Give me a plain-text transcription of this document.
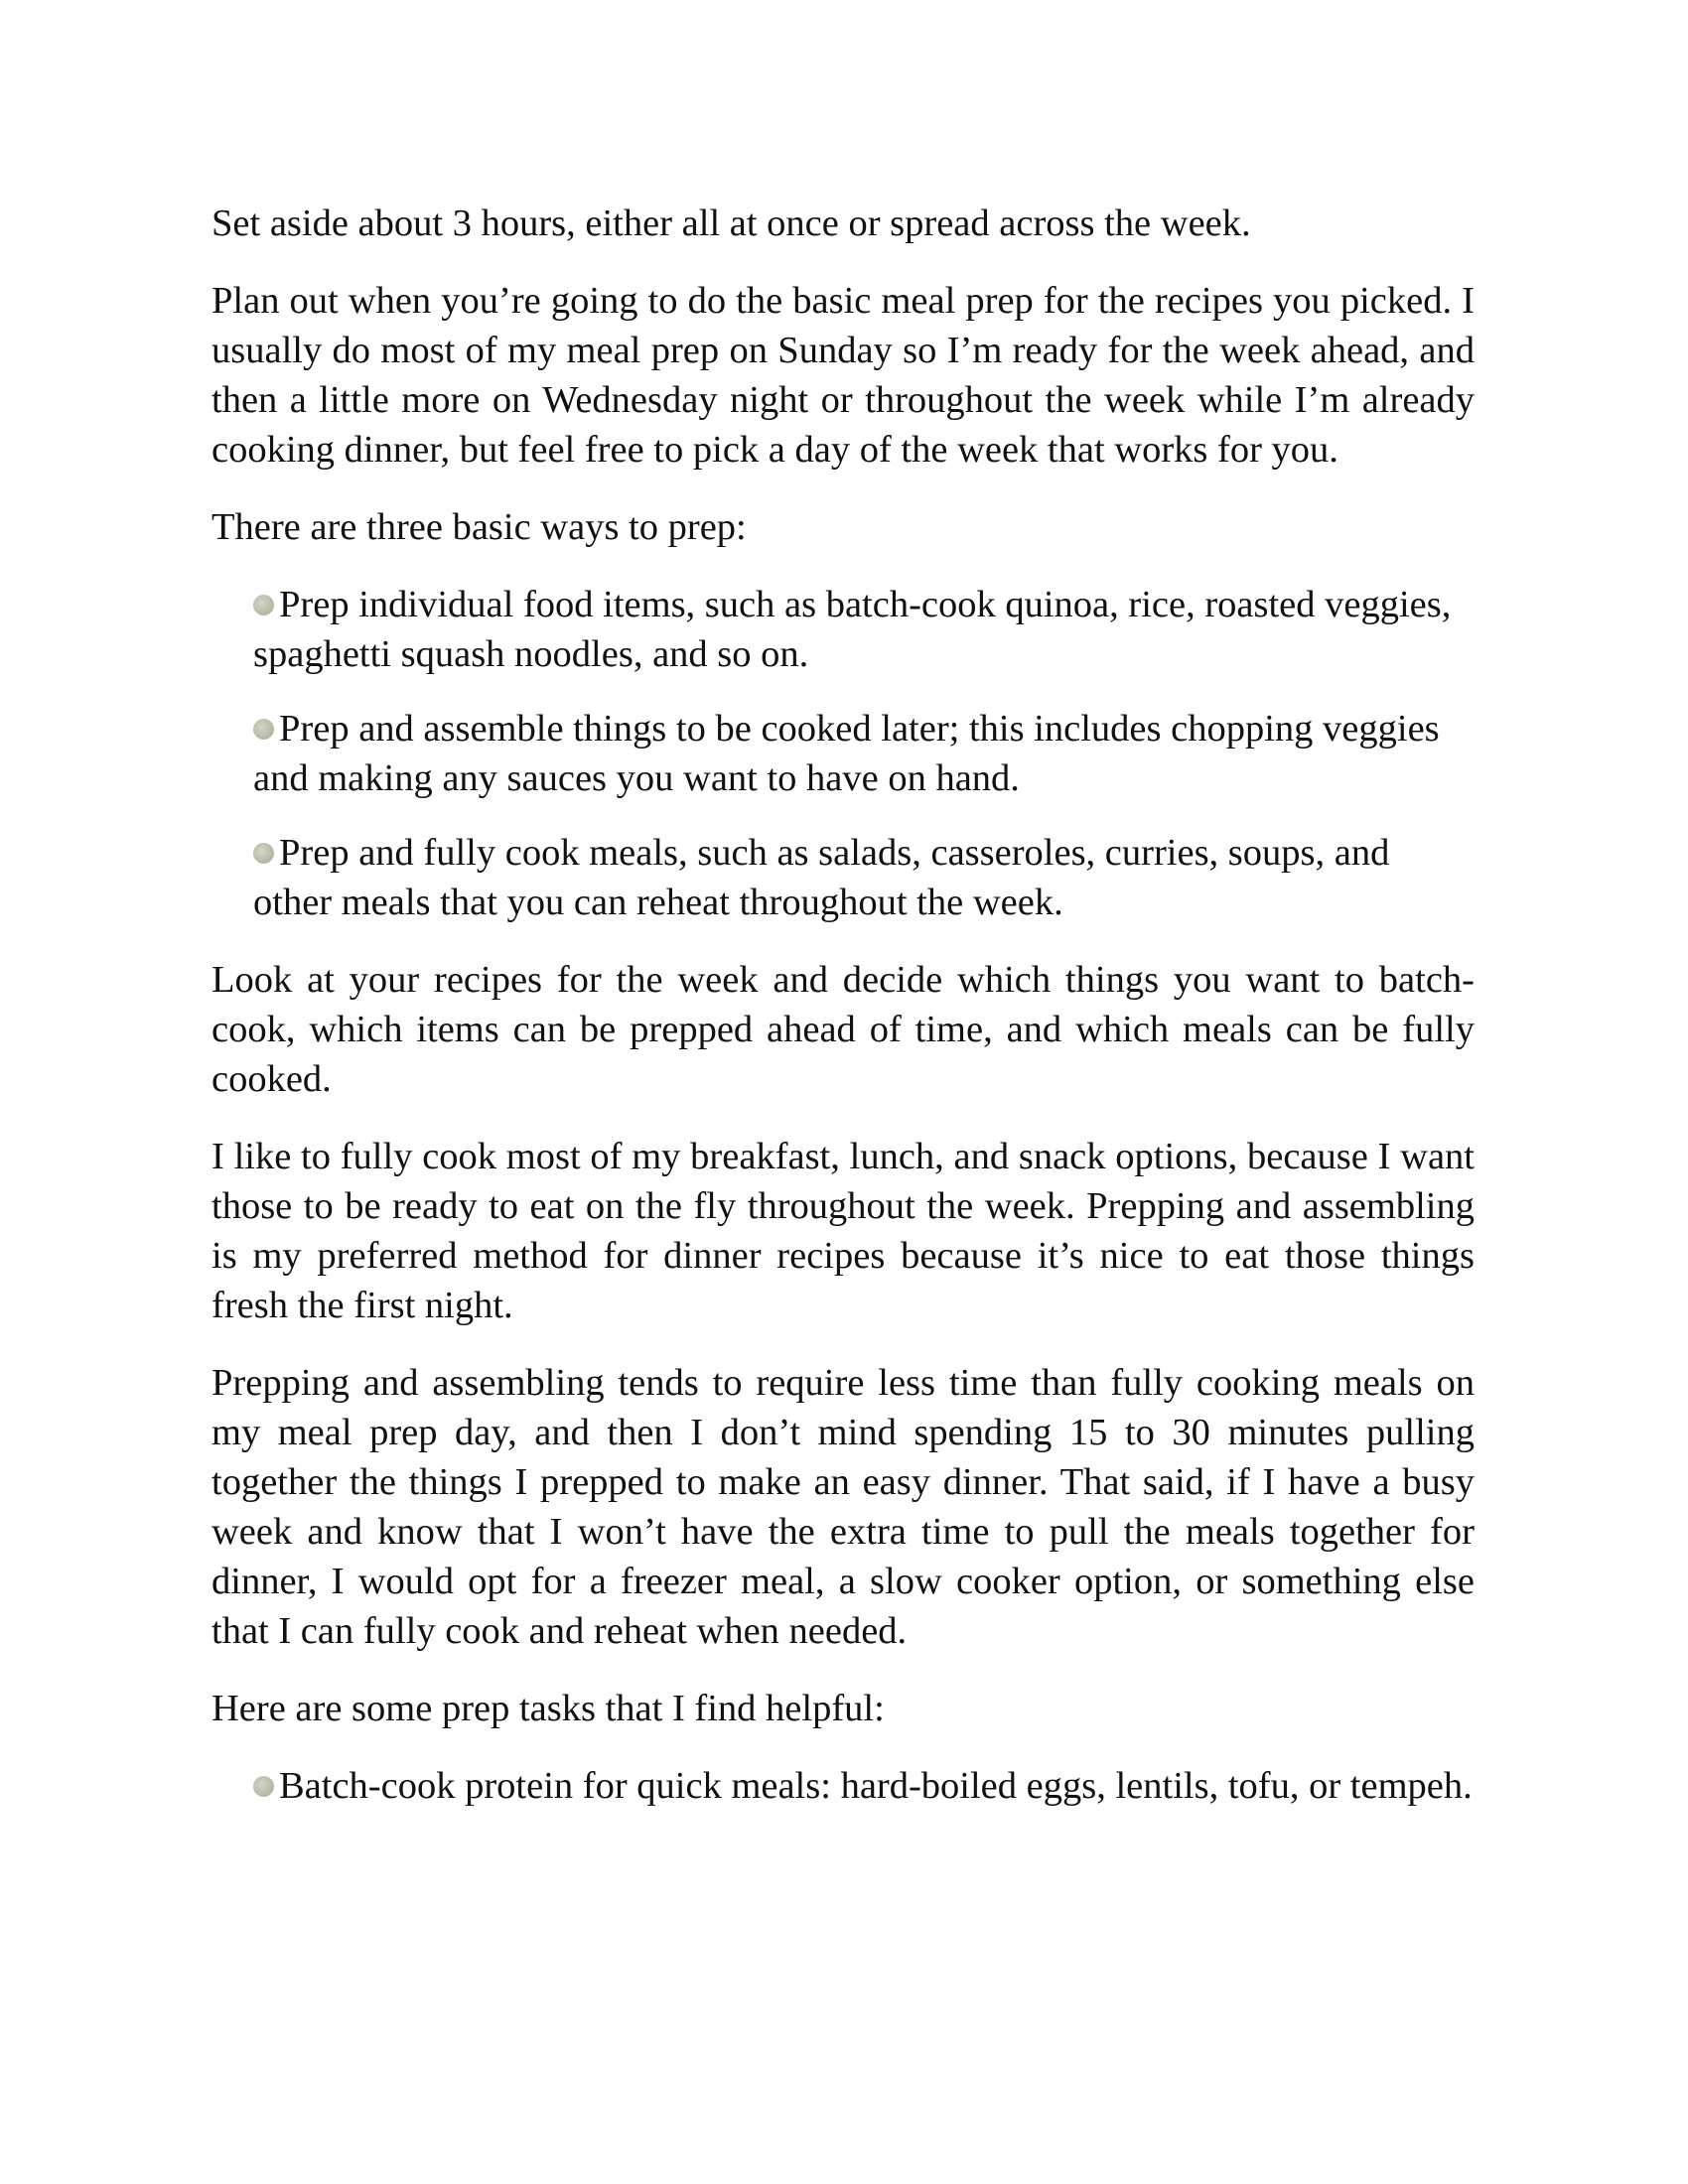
Set aside about 3 hours, either all at once or spread across the week.

Plan out when you’re going to do the basic meal prep for the recipes you picked. I usually do most of my meal prep on Sunday so I’m ready for the week ahead, and then a little more on Wednesday night or throughout the week while I’m already cooking dinner, but feel free to pick a day of the week that works for you.

There are three basic ways to prep:

Prep individual food items, such as batch-cook quinoa, rice, roasted veggies, spaghetti squash noodles, and so on.
Prep and assemble things to be cooked later; this includes chopping veggies and making any sauces you want to have on hand.
Prep and fully cook meals, such as salads, casseroles, curries, soups, and other meals that you can reheat throughout the week.

Look at your recipes for the week and decide which things you want to batch-cook, which items can be prepped ahead of time, and which meals can be fully cooked.

I like to fully cook most of my breakfast, lunch, and snack options, because I want those to be ready to eat on the fly throughout the week. Prepping and assembling is my preferred method for dinner recipes because it’s nice to eat those things fresh the first night.

Prepping and assembling tends to require less time than fully cooking meals on my meal prep day, and then I don’t mind spending 15 to 30 minutes pulling together the things I prepped to make an easy dinner. That said, if I have a busy week and know that I won’t have the extra time to pull the meals together for dinner, I would opt for a freezer meal, a slow cooker option, or something else that I can fully cook and reheat when needed.

Here are some prep tasks that I find helpful:

Batch-cook protein for quick meals: hard-boiled eggs, lentils, tofu, or tempeh.
